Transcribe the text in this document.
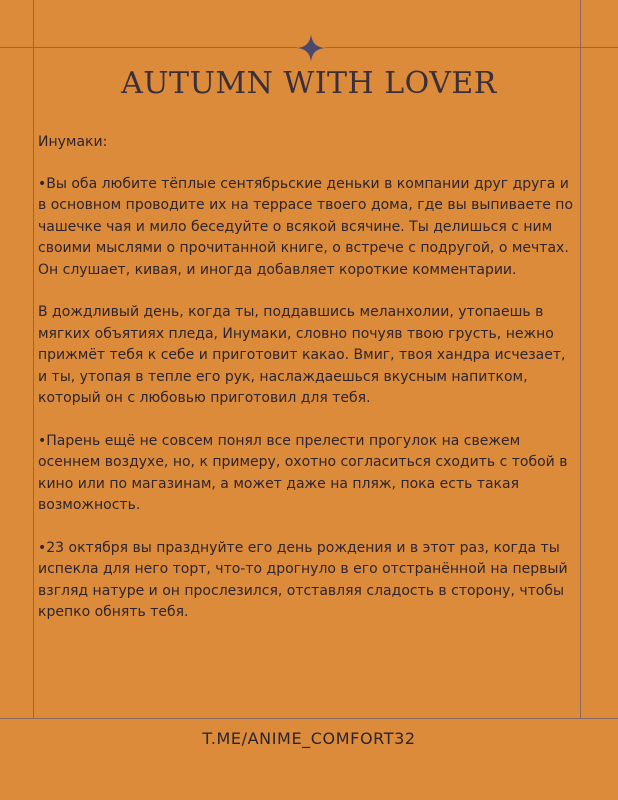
AUTUMN WITH LOVER

Инумаки:

•Вы оба любите тёплые сентябрьские деньки в компании друг друга и в основном проводите их на террасе твоего дома, где вы выпиваете по чашечке чая и мило беседуйте о всякой всячине. Ты делишься с ним своими мыслями о прочитанной книге, о встрече с подругой, о мечтах. Он слушает, кивая, и иногда добавляет короткие комментарии.

В дождливый день, когда ты, поддавшись меланхолии, утопаешь в мягких объятиях пледа, Инумаки, словно почуяв твою грусть, нежно прижмёт тебя к себе и приготовит какао. Вмиг, твоя хандра исчезает, и ты, утопая в тепле его рук, наслаждаешься вкусным напитком, который он с любовью приготовил для тебя.

•Парень ещё не совсем понял все прелести прогулок на свежем осеннем воздухе, но, к примеру, охотно согласиться сходить с тобой в кино или по магазинам, а может даже на пляж, пока есть такая возможность.

•23 октября вы празднуйте его день рождения и в этот раз, когда ты испекла для него торт, что-то дрогнуло в его отстранённой на первый взгляд натуре и он прослезился, отставляя сладость в сторону, чтобы крепко обнять тебя.

T.ME/ANIME_COMFORT32
